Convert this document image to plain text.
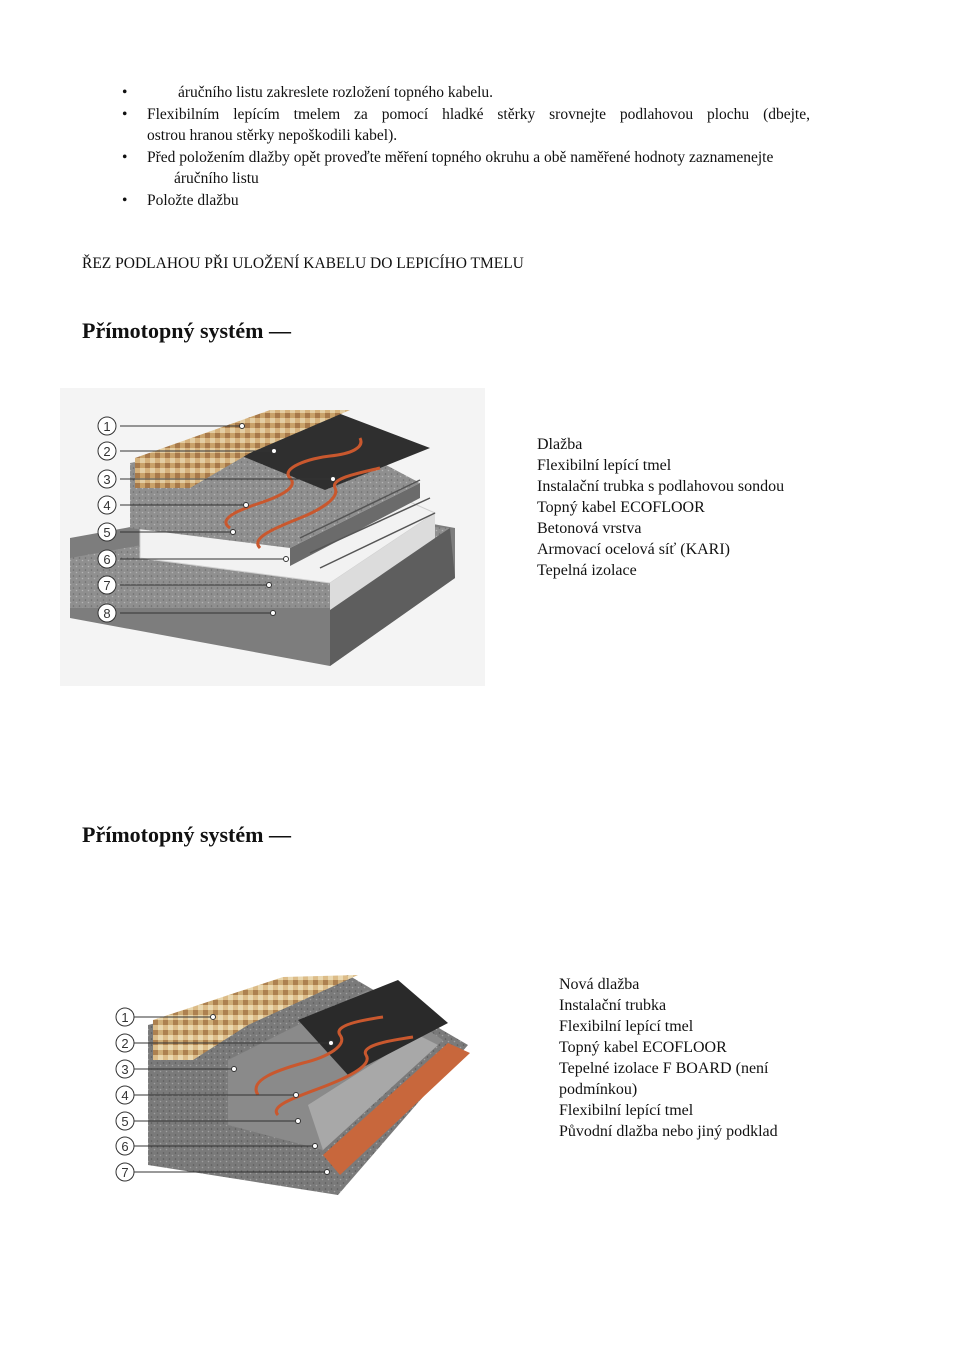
• áručního listu zakreslete rozložení topného kabelu.
• Flexibilním lepícím tmelem za pomocí hladké stěrky srovnejte podlahovou plochu (dbejte,
ostrou hranou stěrky nepoškodili kabel).
• Před položením dlažby opět proveďte měření topného okruhu a obě naměřené hodnoty zaznamenejte
áručního listu
• Položte dlažbu
ŘEZ PODLAHOU PŘI ULOŽENÍ KABELU DO LEPICÍHO TMELU
Přímotopný systém —
1
2
3
4
5
6
7
8
Dlažba
Flexibilní lepící tmel
Instalační trubka s podlahovou sondou
Topný kabel ECOFLOOR
Betonová vrstva
Armovací ocelová síť (KARI)
Tepelná izolace
Přímotopný systém —
1
2
3
4
5
6
7
Nová dlažba
Instalační trubka
Flexibilní lepící tmel
Topný kabel ECOFLOOR
Tepelné izolace F BOARD (není
podmínkou)
Flexibilní lepící tmel
Původní dlažba nebo jiný podklad
